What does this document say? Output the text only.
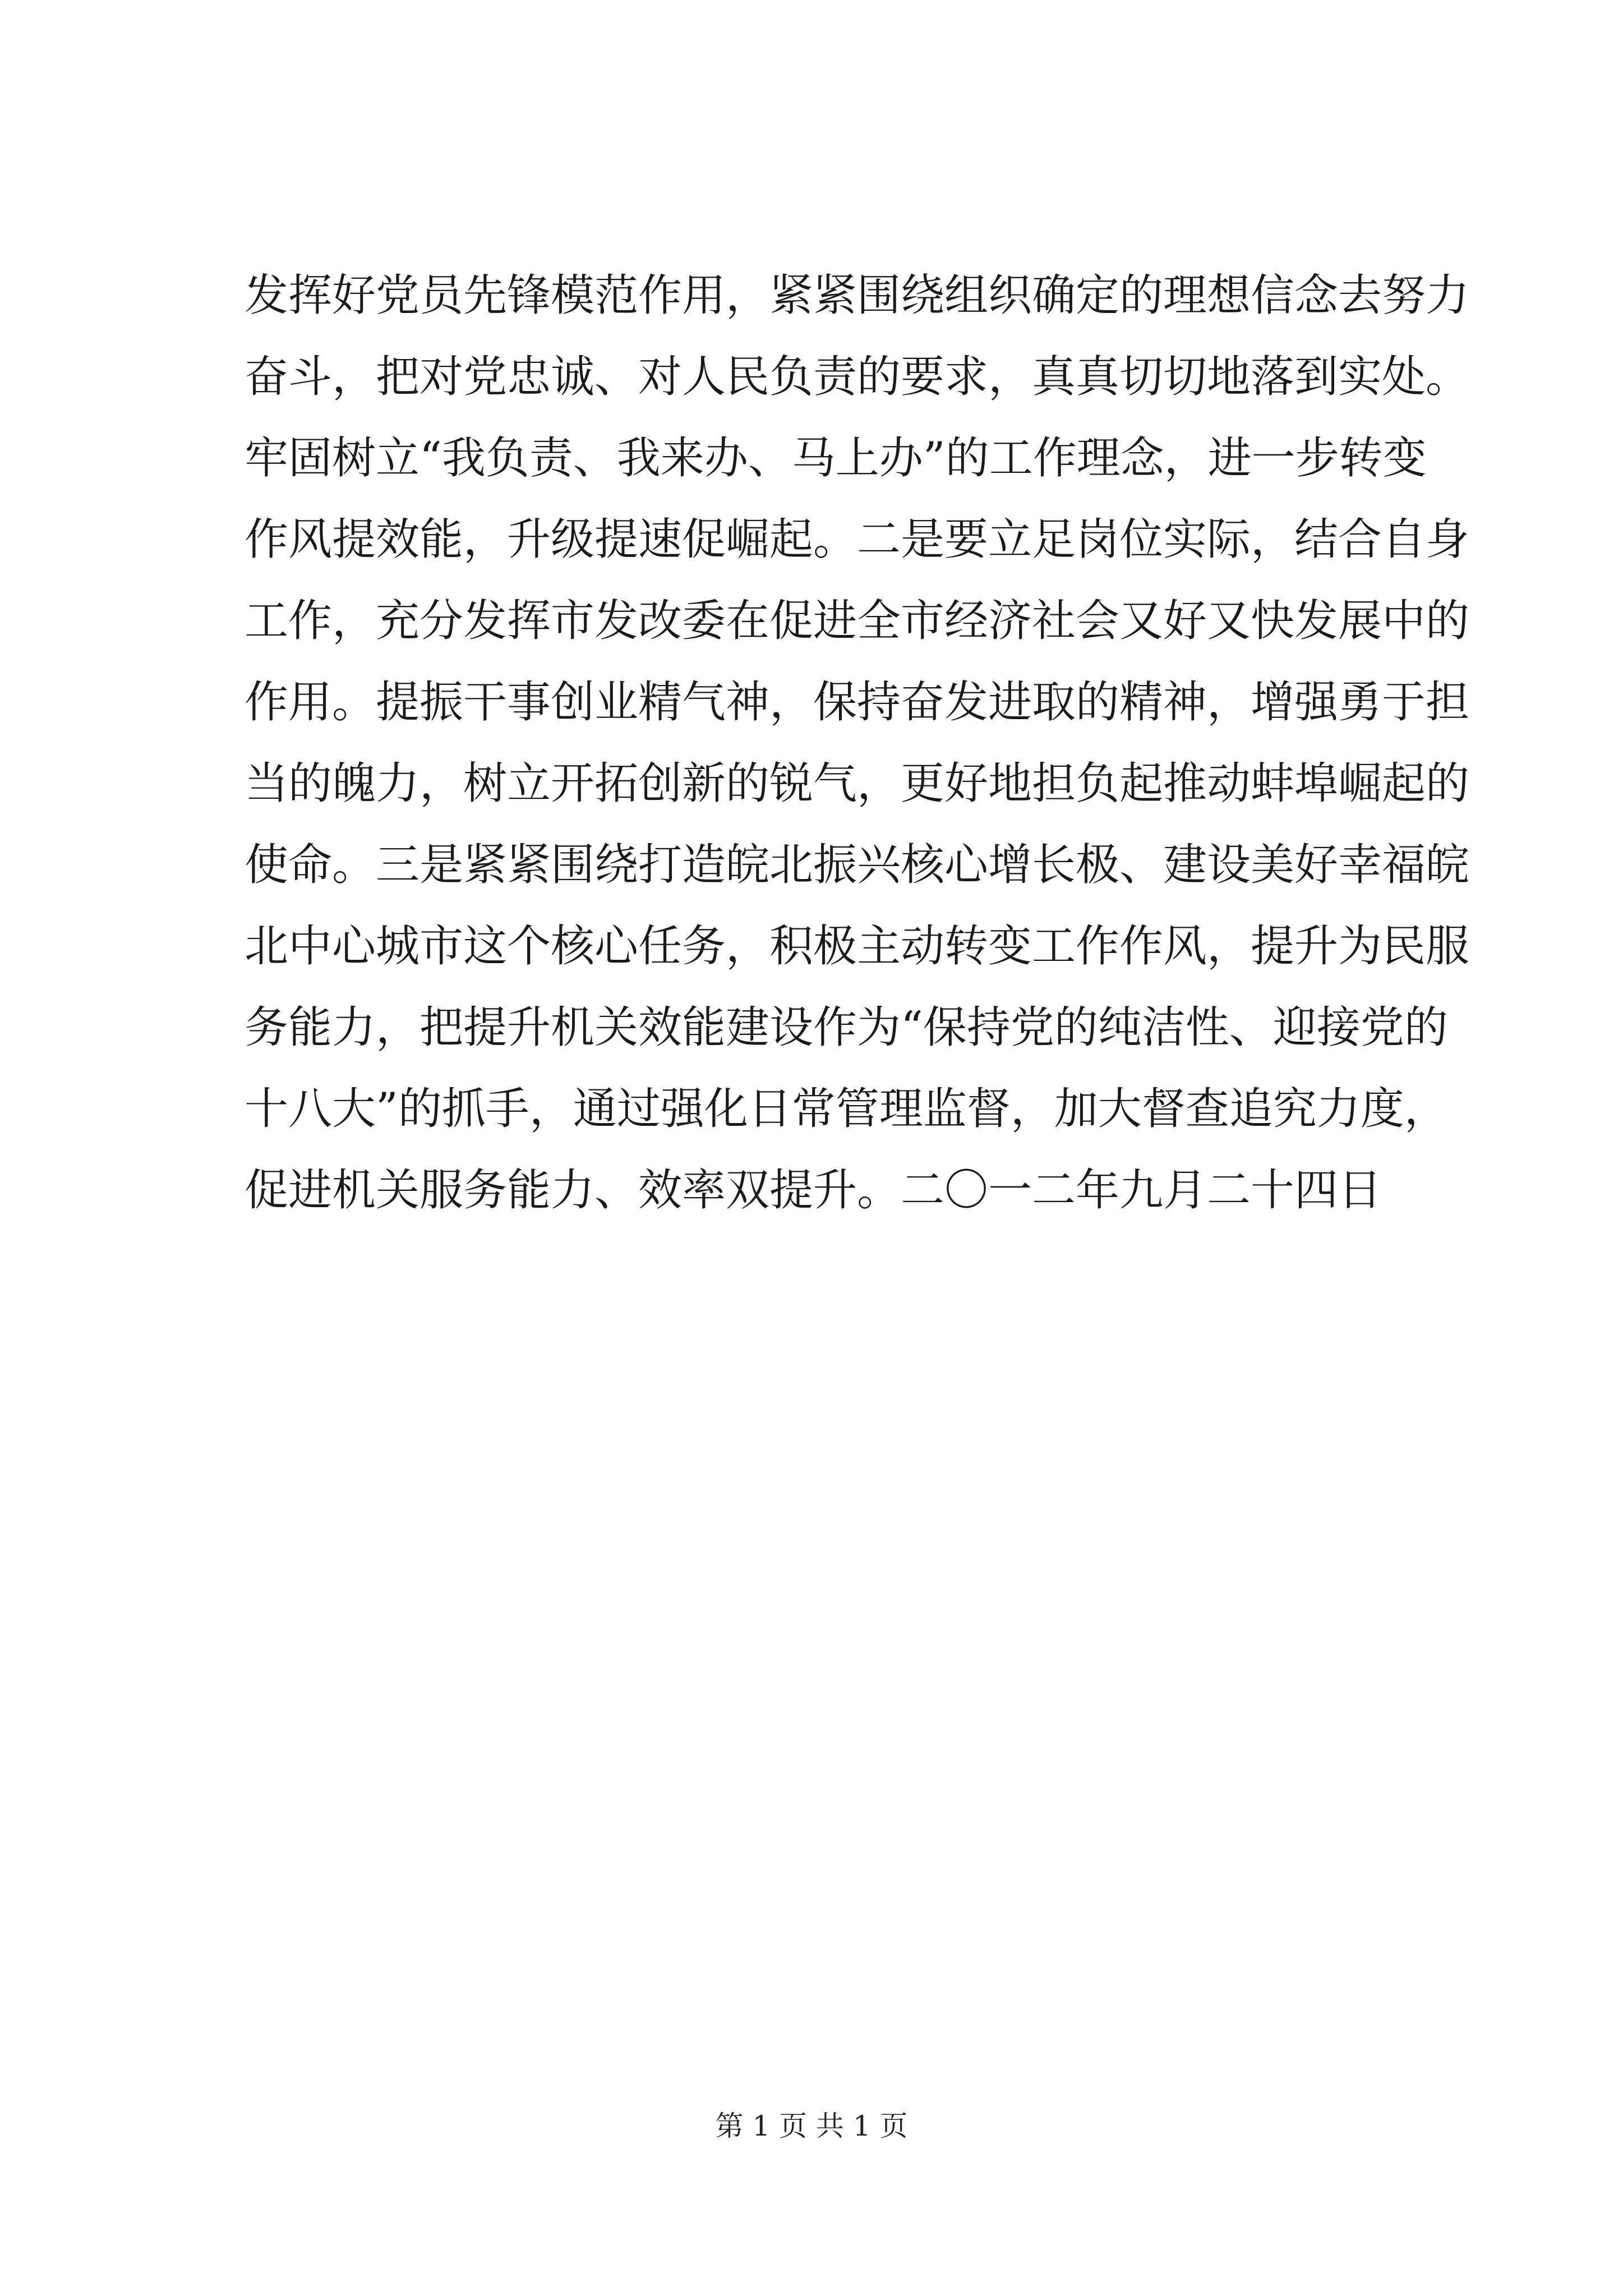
发挥好党员先锋模范作用，紧紧围绕组织确定的理想信念去努力
奋斗，把对党忠诚、对人民负责的要求，真真切切地落到实处。
牢固树立“我负责、我来办、马上办”的工作理念，进一步转变
作风提效能，升级提速促崛起。二是要立足岗位实际，结合自身
工作，充分发挥市发改委在促进全市经济社会又好又快发展中的
作用。提振干事创业精气神，保持奋发进取的精神，增强勇于担
当的魄力，树立开拓创新的锐气，更好地担负起推动蚌埠崛起的
使命。三是紧紧围绕打造皖北振兴核心增长极、建设美好幸福皖
北中心城市这个核心任务，积极主动转变工作作风，提升为民服
务能力，把提升机关效能建设作为“保持党的纯洁性、迎接党的
十八大”的抓手，通过强化日常管理监督，加大督查追究力度，
促进机关服务能力、效率双提升。二〇一二年九月二十四日
第 1 页 共 1 页
